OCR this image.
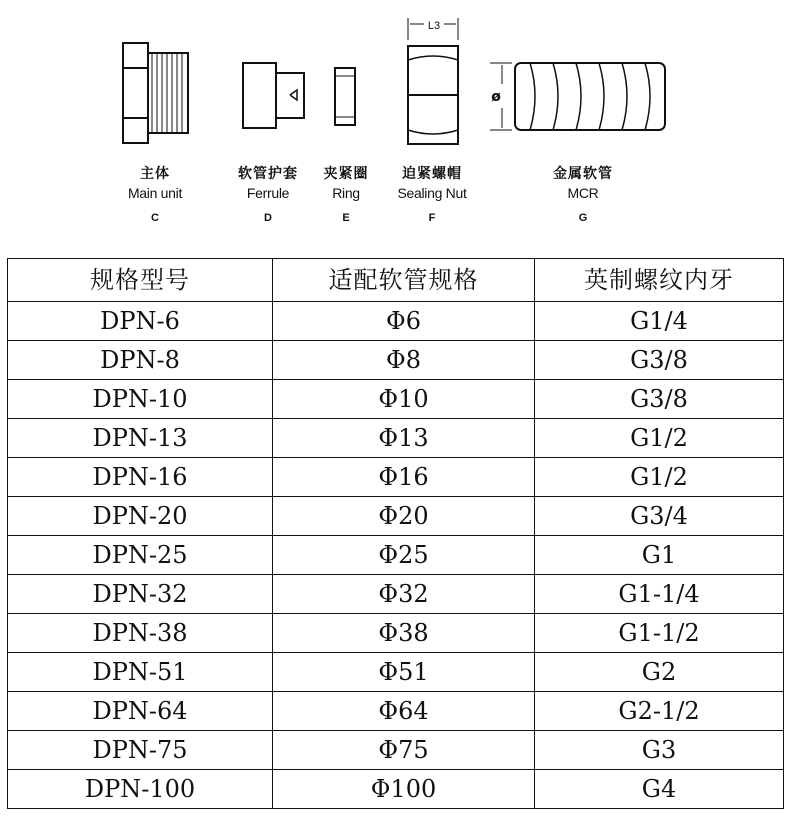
L3
ø
主体
Main unit
C
软管护套
Ferrule
D
夹紧圈
Ring
E
迫紧螺帽
Sealing Nut
F
金属软管
MCR
G
规格型号	适配软管规格	英制螺纹内牙
DPN-6	Φ6	G1/4
DPN-8	Φ8	G3/8
DPN-10	Φ10	G3/8
DPN-13	Φ13	G1/2
DPN-16	Φ16	G1/2
DPN-20	Φ20	G3/4
DPN-25	Φ25	G1
DPN-32	Φ32	G1-1/4
DPN-38	Φ38	G1-1/2
DPN-51	Φ51	G2
DPN-64	Φ64	G2-1/2
DPN-75	Φ75	G3
DPN-100	Φ100	G4
